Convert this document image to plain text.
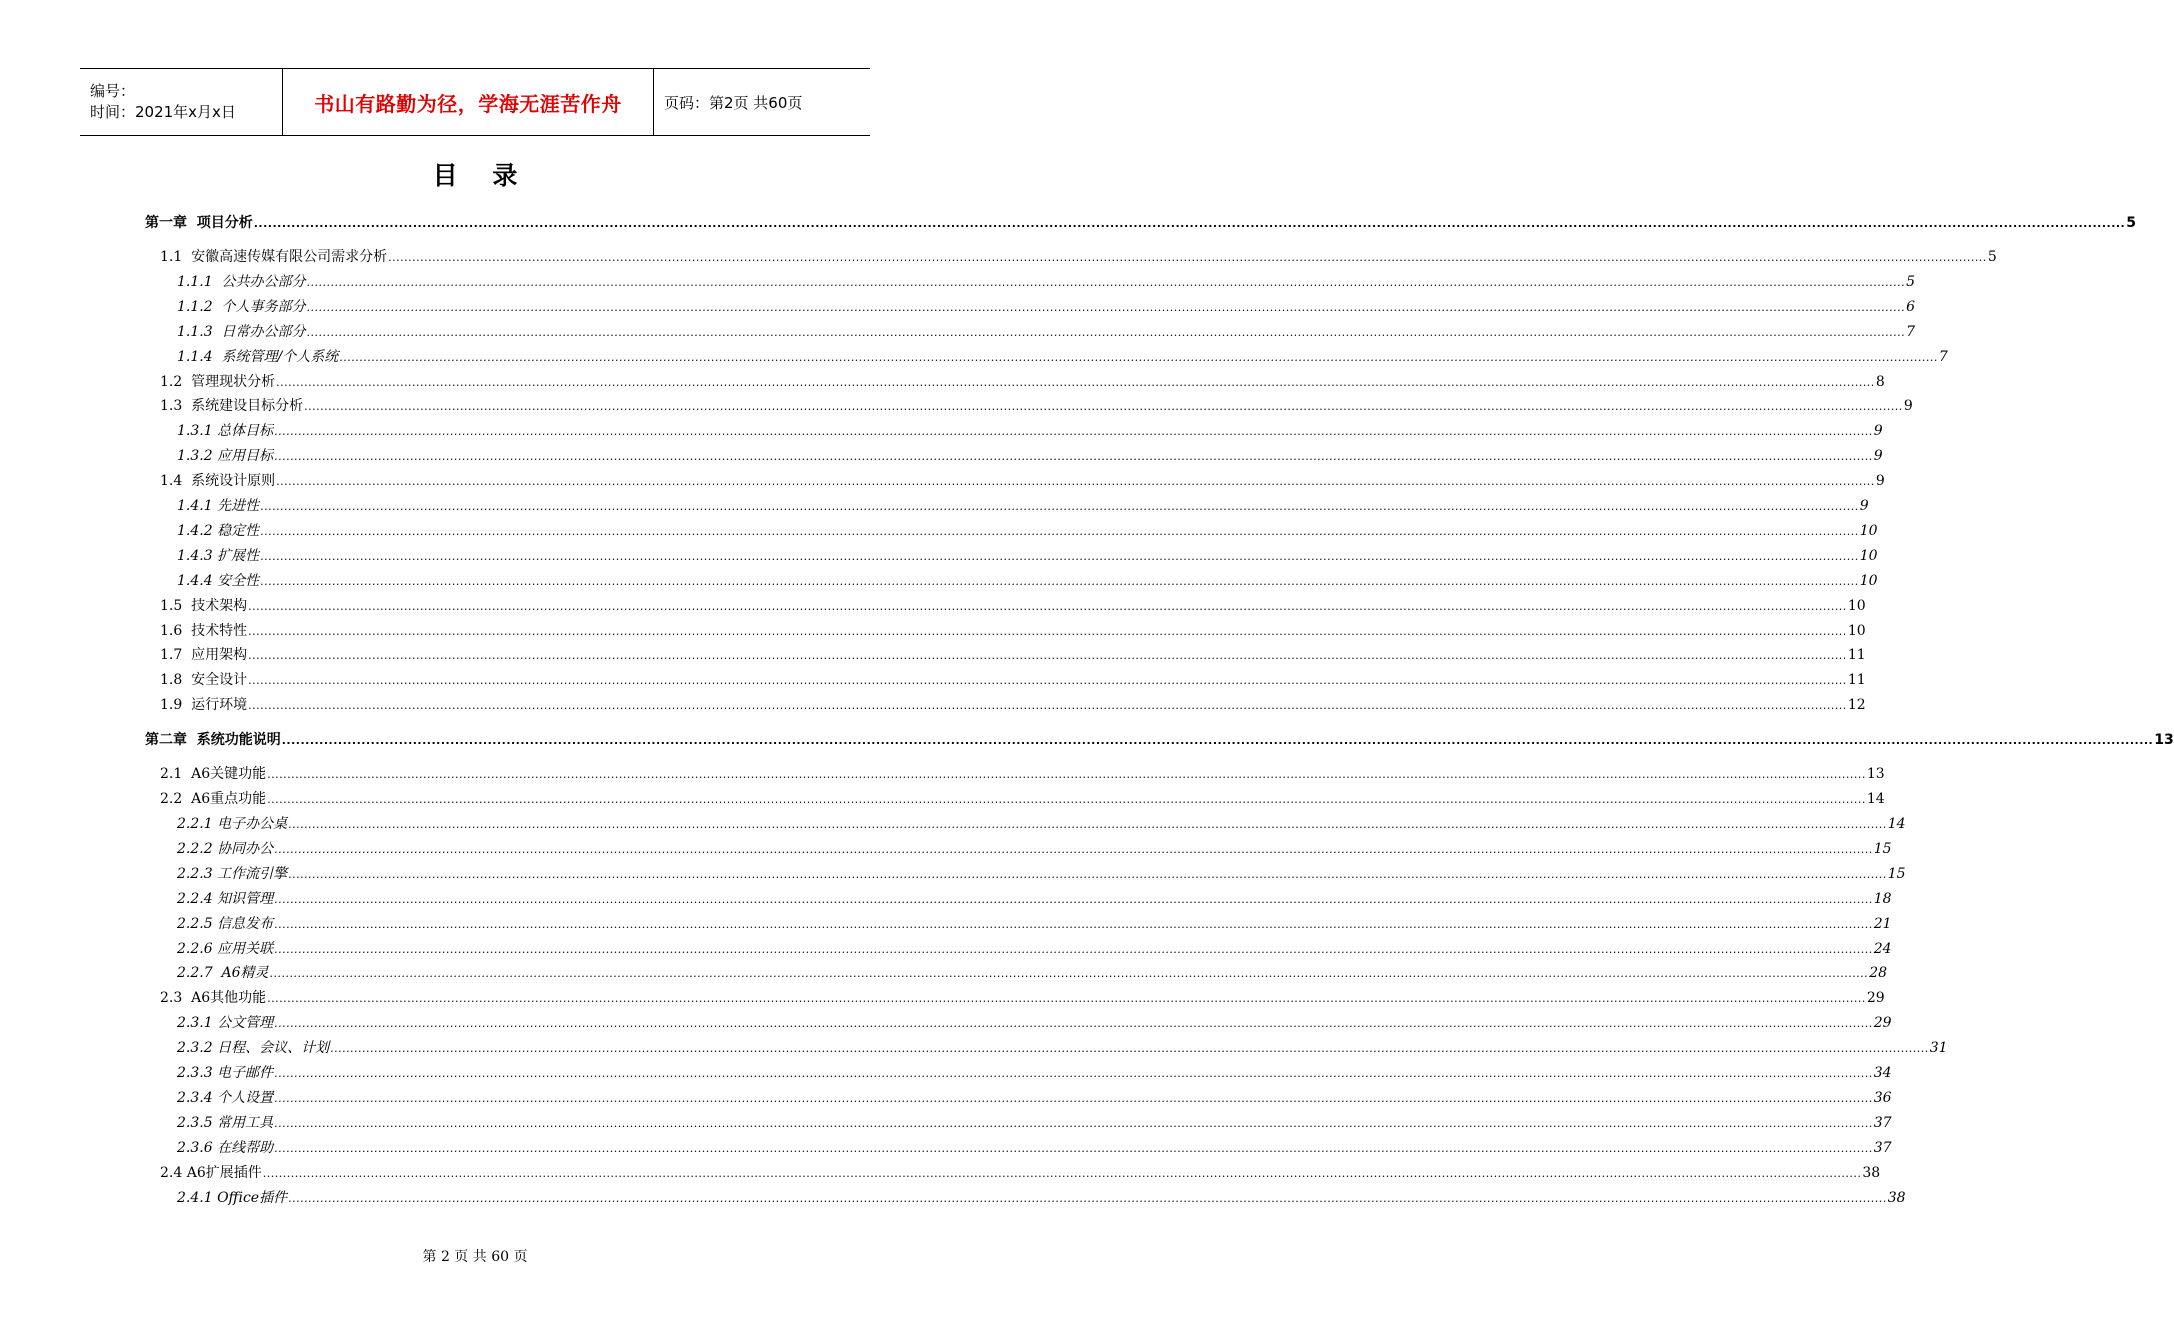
编号：
时间：2021年x月x日	书山有路勤为径，学海无涯苦作舟	页码：第2页 共60页
目    录
第一章  项目分析 ................................................................................................................................................................................................................................................................................................................................................................................................................ 5
1.1  安徽高速传媒有限公司需求分析 ................................................................................................................................................................................................................................................................................................................................................................................................................ 5
1.1.1  公共办公部分 ................................................................................................................................................................................................................................................................................................................................................................................................................ 5
1.1.2  个人事务部分 ................................................................................................................................................................................................................................................................................................................................................................................................................ 6
1.1.3  日常办公部分 ................................................................................................................................................................................................................................................................................................................................................................................................................ 7
1.1.4  系统管理/个人系统 ................................................................................................................................................................................................................................................................................................................................................................................................................ 7
1.2  管理现状分析 ................................................................................................................................................................................................................................................................................................................................................................................................................ 8
1.3  系统建设目标分析 ................................................................................................................................................................................................................................................................................................................................................................................................................ 9
1.3.1 总体目标 ................................................................................................................................................................................................................................................................................................................................................................................................................ 9
1.3.2 应用目标 ................................................................................................................................................................................................................................................................................................................................................................................................................ 9
1.4  系统设计原则 ................................................................................................................................................................................................................................................................................................................................................................................................................ 9
1.4.1 先进性 ................................................................................................................................................................................................................................................................................................................................................................................................................ 9
1.4.2 稳定性 ................................................................................................................................................................................................................................................................................................................................................................................................................ 10
1.4.3 扩展性 ................................................................................................................................................................................................................................................................................................................................................................................................................ 10
1.4.4 安全性 ................................................................................................................................................................................................................................................................................................................................................................................................................ 10
1.5  技术架构 ................................................................................................................................................................................................................................................................................................................................................................................................................ 10
1.6  技术特性 ................................................................................................................................................................................................................................................................................................................................................................................................................ 10
1.7  应用架构 ................................................................................................................................................................................................................................................................................................................................................................................................................ 11
1.8  安全设计 ................................................................................................................................................................................................................................................................................................................................................................................................................ 11
1.9  运行环境 ................................................................................................................................................................................................................................................................................................................................................................................................................ 12
第二章  系统功能说明 ................................................................................................................................................................................................................................................................................................................................................................................................................ 13
2.1  A6关键功能 ................................................................................................................................................................................................................................................................................................................................................................................................................ 13
2.2  A6重点功能 ................................................................................................................................................................................................................................................................................................................................................................................................................ 14
2.2.1 电子办公桌 ................................................................................................................................................................................................................................................................................................................................................................................................................ 14
2.2.2 协同办公 ................................................................................................................................................................................................................................................................................................................................................................................................................ 15
2.2.3 工作流引擎 ................................................................................................................................................................................................................................................................................................................................................................................................................ 15
2.2.4 知识管理 ................................................................................................................................................................................................................................................................................................................................................................................................................ 18
2.2.5 信息发布 ................................................................................................................................................................................................................................................................................................................................................................................................................ 21
2.2.6 应用关联 ................................................................................................................................................................................................................................................................................................................................................................................................................ 24
2.2.7  A6精灵 ................................................................................................................................................................................................................................................................................................................................................................................................................ 28
2.3  A6其他功能 ................................................................................................................................................................................................................................................................................................................................................................................................................ 29
2.3.1 公文管理 ................................................................................................................................................................................................................................................................................................................................................................................................................ 29
2.3.2 日程、会议、计划 ................................................................................................................................................................................................................................................................................................................................................................................................................ 31
2.3.3 电子邮件 ................................................................................................................................................................................................................................................................................................................................................................................................................ 34
2.3.4 个人设置 ................................................................................................................................................................................................................................................................................................................................................................................................................ 36
2.3.5 常用工具 ................................................................................................................................................................................................................................................................................................................................................................................................................ 37
2.3.6 在线帮助 ................................................................................................................................................................................................................................................................................................................................................................................................................ 37
2.4 A6扩展插件 ................................................................................................................................................................................................................................................................................................................................................................................................................ 38
2.4.1 Office插件 ................................................................................................................................................................................................................................................................................................................................................................................................................ 38
第 2 页 共 60 页
